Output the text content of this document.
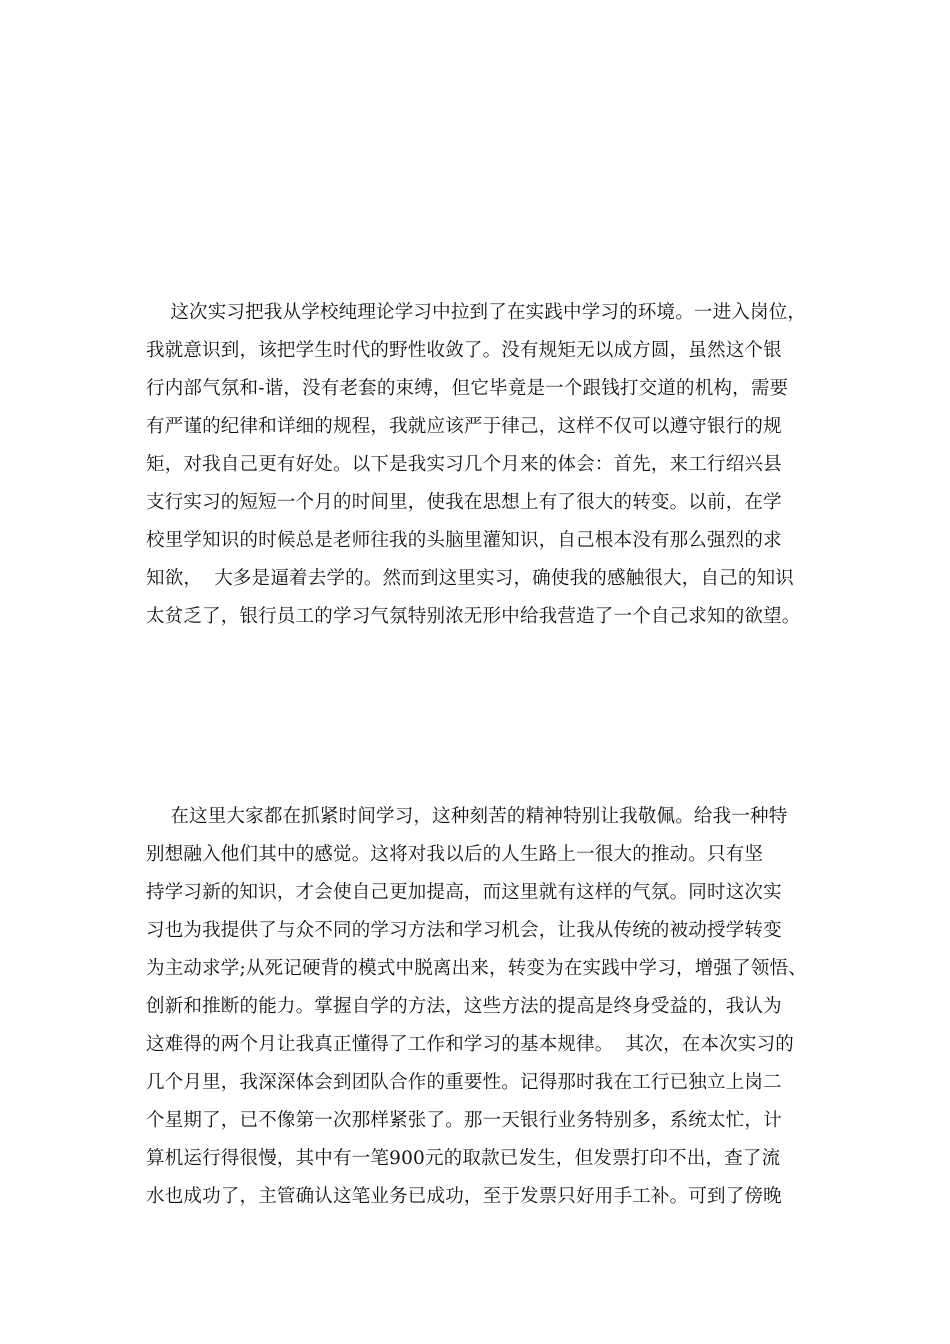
这次实习把我从学校纯理论学习中拉到了在实践中学习的环境。一进入岗位，
我就意识到，该把学生时代的野性收敛了。没有规矩无以成方圆，虽然这个银
行内部气氛和-谐，没有老套的束缚，但它毕竟是一个跟钱打交道的机构，需要
有严谨的纪律和详细的规程，我就应该严于律己，这样不仅可以遵守银行的规
矩，对我自己更有好处。以下是我实习几个月来的体会：首先，来工行绍兴县
支行实习的短短一个月的时间里，使我在思想上有了很大的转变。以前，在学
校里学知识的时候总是老师往我的头脑里灌知识，自己根本没有那么强烈的求
知欲，  大多是逼着去学的。然而到这里实习，确使我的感触很大，自己的知识
太贫乏了，银行员工的学习气氛特别浓无形中给我营造了一个自己求知的欲望。
在这里大家都在抓紧时间学习，这种刻苦的精神特别让我敬佩。给我一种特
别想融入他们其中的感觉。这将对我以后的人生路上一很大的推动。只有坚
持学习新的知识，才会使自己更加提高，而这里就有这样的气氛。同时这次实
习也为我提供了与众不同的学习方法和学习机会，让我从传统的被动授学转变
为主动求学;从死记硬背的模式中脱离出来，转变为在实践中学习，增强了领悟、
创新和推断的能力。掌握自学的方法，这些方法的提高是终身受益的，我认为
这难得的两个月让我真正懂得了工作和学习的基本规律。  其次，在本次实习的
几个月里，我深深体会到团队合作的重要性。记得那时我在工行已独立上岗二
个星期了，已不像第一次那样紧张了。那一天银行业务特别多，系统太忙，计
算机运行得很慢，其中有一笔900元的取款已发生，但发票打印不出，查了流
水也成功了，主管确认这笔业务已成功，至于发票只好用手工补。可到了傍晚
